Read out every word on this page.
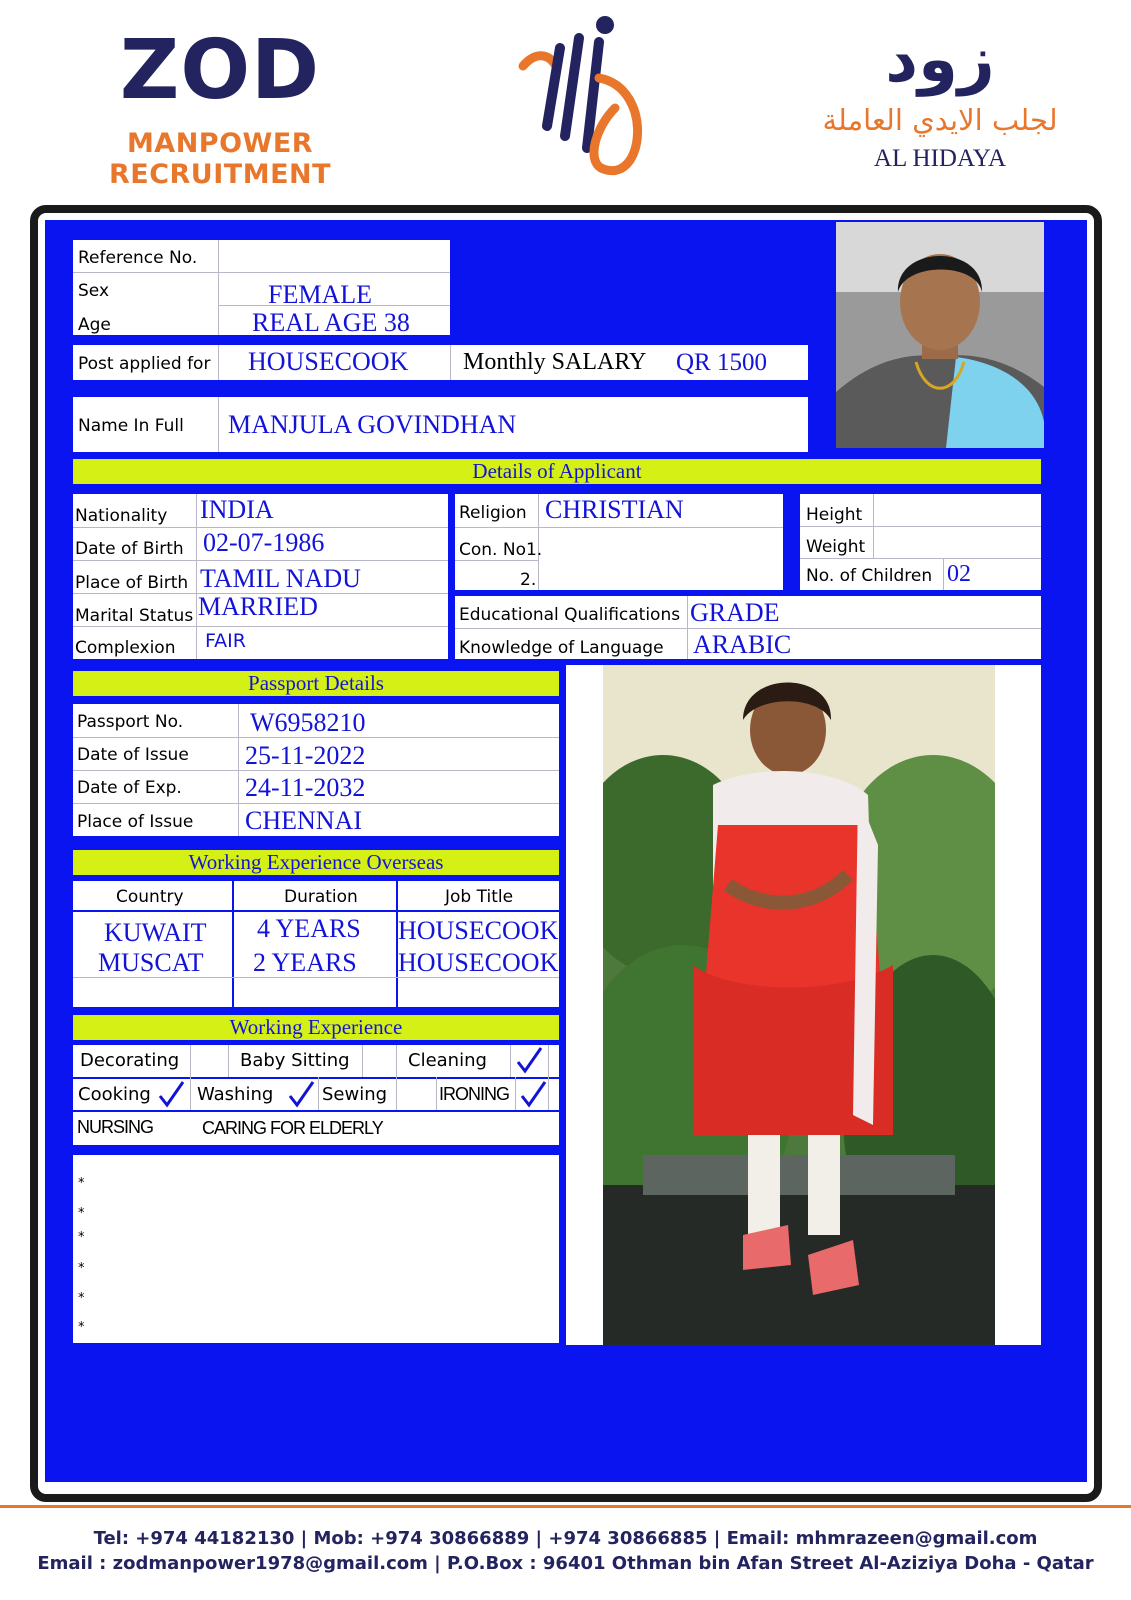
ZOD
MANPOWER RECRUITMENT
زود
لجلب الايدي العاملة
AL HIDAYA
Reference No.
Sex	FEMALE
Age	REAL AGE 38
Post applied for HOUSECOOK Monthly SALARY QR 1500
Name In Full MANJULA GOVINDHAN
Details of Applicant
Nationality INDIA
Date of Birth 02-07-1986
Place of Birth TAMIL NADU
Marital Status MARRIED
Complexion FAIR
Religion CHRISTIAN
Con. No1.
2.
Height
Weight
No. of Children 02
Educational Qualifications GRADE
Knowledge of Language ARABIC
Passport Details
Passport No.	W6958210
Date of Issue 25-11-2022
Date of Exp. 24-11-2032
Place of Issue CHENNAI
Working Experience Overseas
Country	Duration	Job Title
KUWAIT 4 YEARS HOUSECOOK
MUSCAT 2 YEARS HOUSECOOK
Working Experience
Decorating	Baby Sitting	Cleaning
Cooking	Washing	Sewing	IRONING
NURSING	CARING FOR ELDERLY
*
*
*
*
*
*
Tel: +974 44182130 | Mob: +974 30866889 | +974 30866885 | Email: mhmrazeen@gmail.com
Email : zodmanpower1978@gmail.com | P.O.Box : 96401 Othman bin Afan Street Al-Aziziya Doha - Qatar
